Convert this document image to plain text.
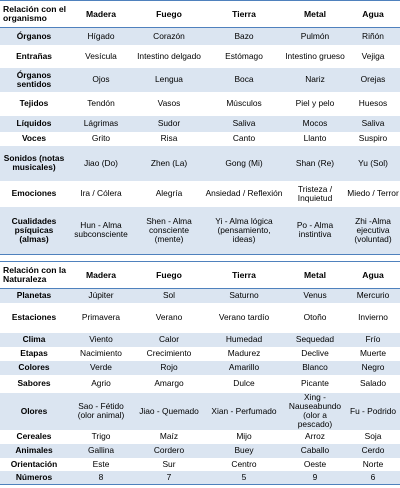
Relación con el organismo	Madera	Fuego	Tierra	Metal	Agua
Órganos	Hígado	Corazón	Bazo	Pulmón	Riñón
Entrañas	Vesícula	Intestino delgado	Estómago	Intestino grueso	Vejiga
Órganos sentidos	Ojos	Lengua	Boca	Nariz	Orejas
Tejidos	Tendón	Vasos	Músculos	Piel y pelo	Huesos
Líquidos	Lágrimas	Sudor	Saliva	Mocos	Saliva
Voces	Grito	Risa	Canto	Llanto	Suspiro
Sonidos (notas musicales)	Jiao (Do)	Zhen (La)	Gong (Mi)	Shan (Re)	Yu (Sol)
Emociones	Ira / Cólera	Alegría	Ansiedad / Reflexión	Tristeza / Inquietud	Miedo / Terror
Cualidades psíquicas (almas)	Hun - Alma subconsciente	Shen - Alma consciente (mente)	Yi - Alma lógica (pensamiento, ideas)	Po - Alma instintiva	Zhi -Alma ejecutiva (voluntad)
Relación con la Naturaleza	Madera	Fuego	Tierra	Metal	Agua
Planetas	Júpiter	Sol	Saturno	Venus	Mercurio
Estaciones	Primavera	Verano	Verano tardío	Otoño	Invierno
Clima	Viento	Calor	Humedad	Sequedad	Frío
Etapas	Nacimiento	Crecimiento	Madurez	Declive	Muerte
Colores	Verde	Rojo	Amarillo	Blanco	Negro
Sabores	Agrio	Amargo	Dulce	Picante	Salado
Olores	Sao - Fétido (olor animal)	Jiao - Quemado	Xian - Perfumado	Xing - Nauseabundo (olor a pescado)	Fu - Podrido
Cereales	Trigo	Maíz	Mijo	Arroz	Soja
Animales	Gallina	Cordero	Buey	Caballo	Cerdo
Orientación	Este	Sur	Centro	Oeste	Norte
Números	8	7	5	9	6
